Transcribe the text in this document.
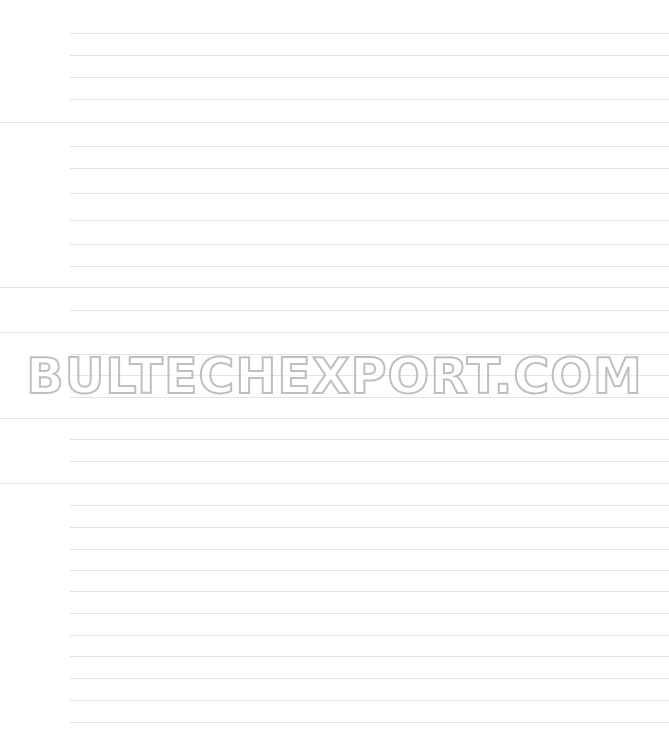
BULTECHEXPORT.COM
